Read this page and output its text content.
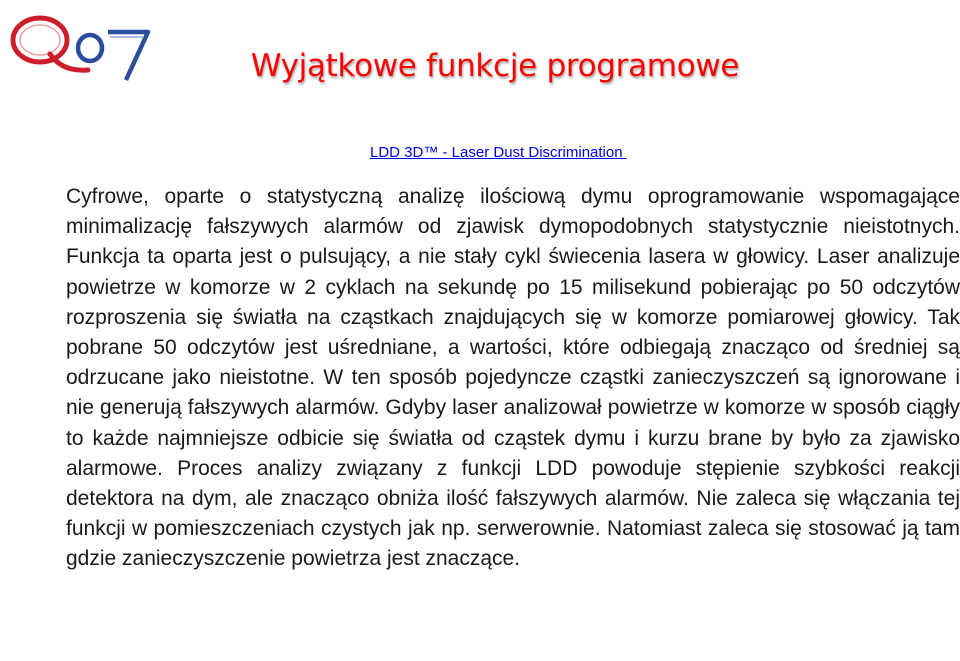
Wyjątkowe funkcje programowe
LDD 3D™ - Laser Dust Discrimination

Cyfrowe, oparte o statystyczną analizę ilościową dymu oprogramowanie wspomagające minimalizację fałszywych alarmów od zjawisk dymopodobnych statystycznie nieistotnych. Funkcja ta oparta jest o pulsujący, a nie stały cykl świecenia lasera w głowicy. Laser analizuje powietrze w komorze w 2 cyklach na sekundę po 15 milisekund pobierając po 50 odczytów rozproszenia się światła na cząstkach znajdujących się w komorze pomiarowej głowicy. Tak pobrane 50 odczytów jest uśredniane, a wartości, które odbiegają znacząco od średniej są odrzucane jako nieistotne. W ten sposób pojedyncze cząstki zanieczyszczeń są ignorowane i nie generują fałszywych alarmów. Gdyby laser analizował powietrze w komorze w sposób ciągły to każde najmniejsze odbicie się światła od cząstek dymu i kurzu brane by było za zjawisko alarmowe. Proces analizy związany z funkcji LDD powoduje stępienie szybkości reakcji detektora na dym, ale znacząco obniża ilość fałszywych alarmów. Nie zaleca się włączania tej funkcji w pomieszczeniach czystych jak np. serwerownie. Natomiast zaleca się stosować ją tam gdzie zanieczyszczenie powietrza jest znaczące.
